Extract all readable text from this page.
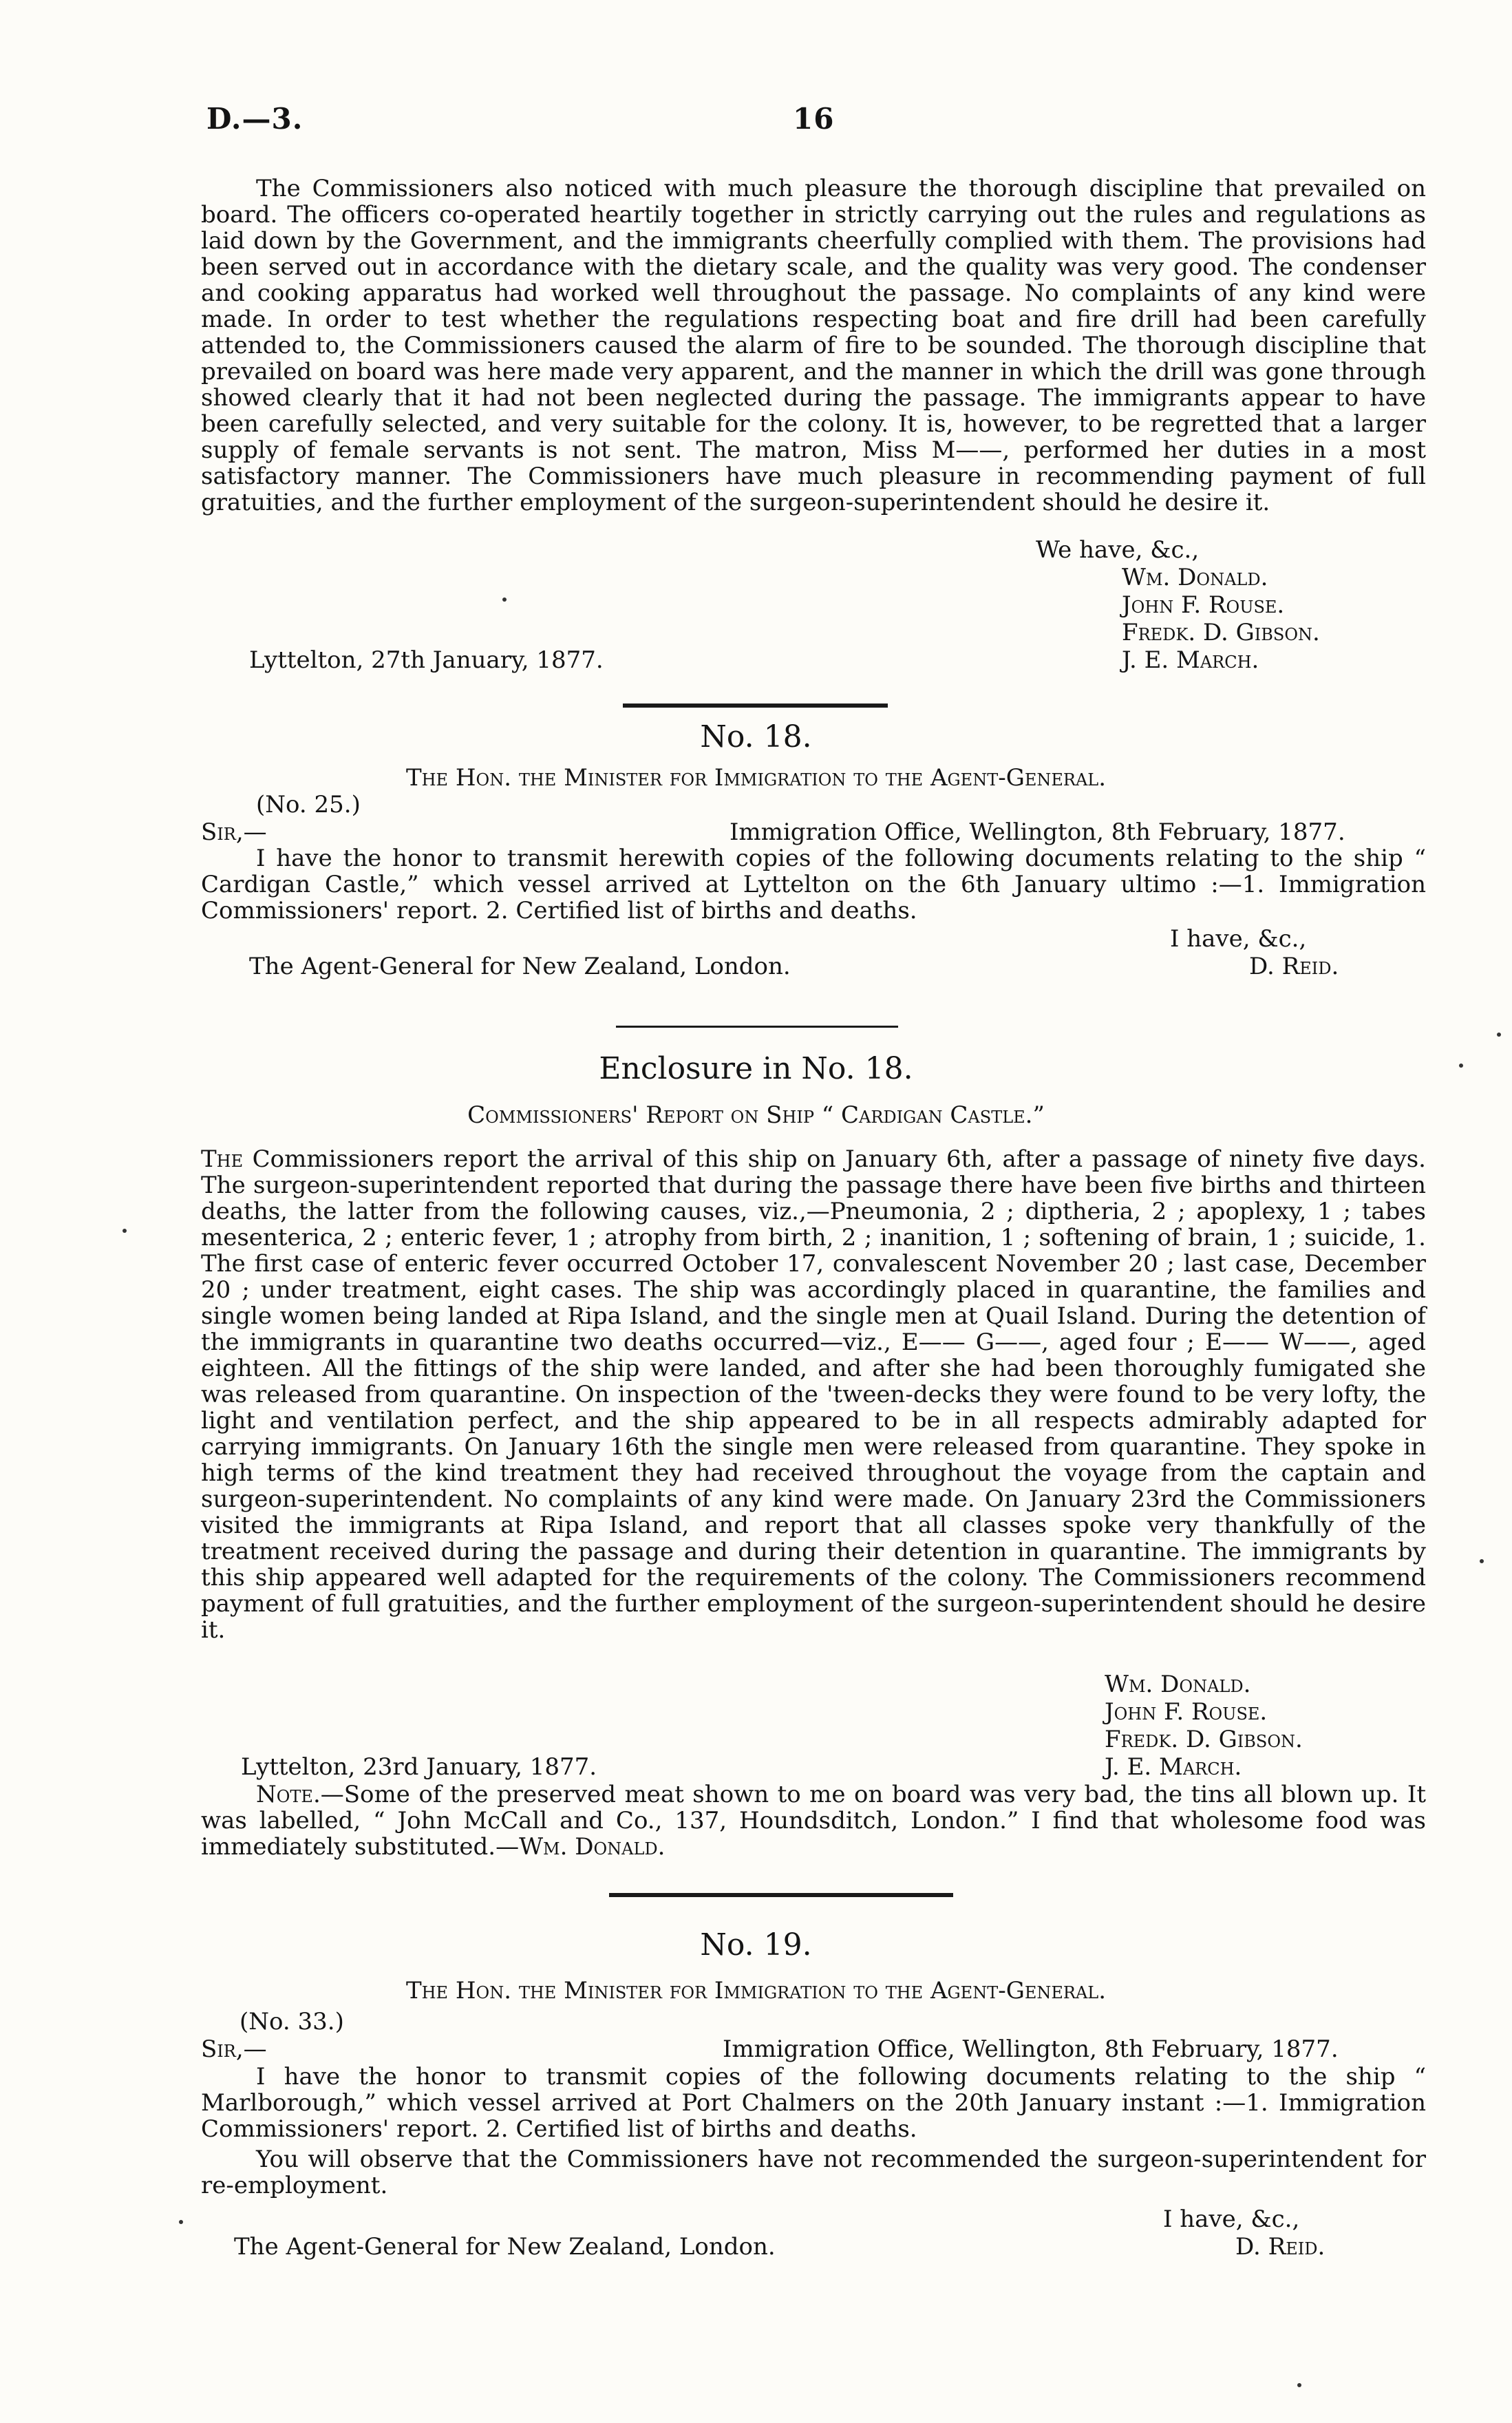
D.—3.	16

The Commissioners also noticed with much pleasure the thorough discipline that prevailed on board. The officers co-operated heartily together in strictly carrying out the rules and regulations as laid down by the Government, and the immigrants cheerfully complied with them. The provisions had been served out in accordance with the dietary scale, and the quality was very good. The condenser and cooking apparatus had worked well throughout the passage. No complaints of any kind were made. In order to test whether the regulations respecting boat and fire drill had been carefully attended to, the Commissioners caused the alarm of fire to be sounded. The thorough discipline that prevailed on board was here made very apparent, and the manner in which the drill was gone through showed clearly that it had not been neglected during the passage. The immigrants appear to have been carefully selected, and very suitable for the colony. It is, however, to be regretted that a larger supply of female servants is not sent. The matron, Miss M——, performed her duties in a most satisfactory manner. The Commissioners have much pleasure in recommending payment of full gratuities, and the further employment of the surgeon-superintendent should he desire it.

We have, &c.,
Wm. Donald.
John F. Rouse.
Fredk. D. Gibson.
Lyttelton, 27th January, 1877.	J. E. March.
No. 18.
The Hon. the Minister for Immigration to the Agent-General.
(No. 25.)
Sir,—	Immigration Office, Wellington, 8th February, 1877.

I have the honor to transmit herewith copies of the following documents relating to the ship “ Cardigan Castle,” which vessel arrived at Lyttelton on the 6th January ultimo :—1. Immigration Commissioners' report. 2. Certified list of births and deaths.

I have, &c.,
The Agent-General for New Zealand, London.	D. Reid.
Enclosure in No. 18.
Commissioners' Report on Ship “ Cardigan Castle.”

The Commissioners report the arrival of this ship on January 6th, after a passage of ninety five days. The surgeon-superintendent reported that during the passage there have been five births and thirteen deaths, the latter from the following causes, viz.,—Pneumonia, 2 ; diptheria, 2 ; apoplexy, 1 ; tabes mesenterica, 2 ; enteric fever, 1 ; atrophy from birth, 2 ; inanition, 1 ; softening of brain, 1 ; suicide, 1. The first case of enteric fever occurred October 17, convalescent November 20 ; last case, December 20 ; under treatment, eight cases. The ship was accordingly placed in quarantine, the families and single women being landed at Ripa Island, and the single men at Quail Island. During the detention of the immigrants in quarantine two deaths occurred—viz., E—— G——, aged four ; E—— W——, aged eighteen. All the fittings of the ship were landed, and after she had been thoroughly fumigated she was released from quarantine. On inspection of the 'tween-decks they were found to be very lofty, the light and ventilation perfect, and the ship appeared to be in all respects admirably adapted for carrying immigrants. On January 16th the single men were released from quarantine. They spoke in high terms of the kind treatment they had received throughout the voyage from the captain and surgeon-superintendent. No complaints of any kind were made. On January 23rd the Commissioners visited the immigrants at Ripa Island, and report that all classes spoke very thankfully of the treatment received during the passage and during their detention in quarantine. The immigrants by this ship appeared well adapted for the requirements of the colony. The Commissioners recommend payment of full gratuities, and the further employment of the surgeon-superintendent should he desire it.

Wm. Donald.
John F. Rouse.
Fredk. D. Gibson.
Lyttelton, 23rd January, 1877.	J. E. March.

Note.—Some of the preserved meat shown to me on board was very bad, the tins all blown up. It was labelled, “ John McCall and Co., 137, Houndsditch, London.” I find that wholesome food was immediately substituted.—Wm. Donald.

No. 19.
The Hon. the Minister for Immigration to the Agent-General.
(No. 33.)
Sir,—	Immigration Office, Wellington, 8th February, 1877.

I have the honor to transmit copies of the following documents relating to the ship “ Marlborough,” which vessel arrived at Port Chalmers on the 20th January instant :—1. Immigration Commissioners' report. 2. Certified list of births and deaths.

You will observe that the Commissioners have not recommended the surgeon-superintendent for re-employment.

I have, &c.,
The Agent-General for New Zealand, London.	D. Reid.
